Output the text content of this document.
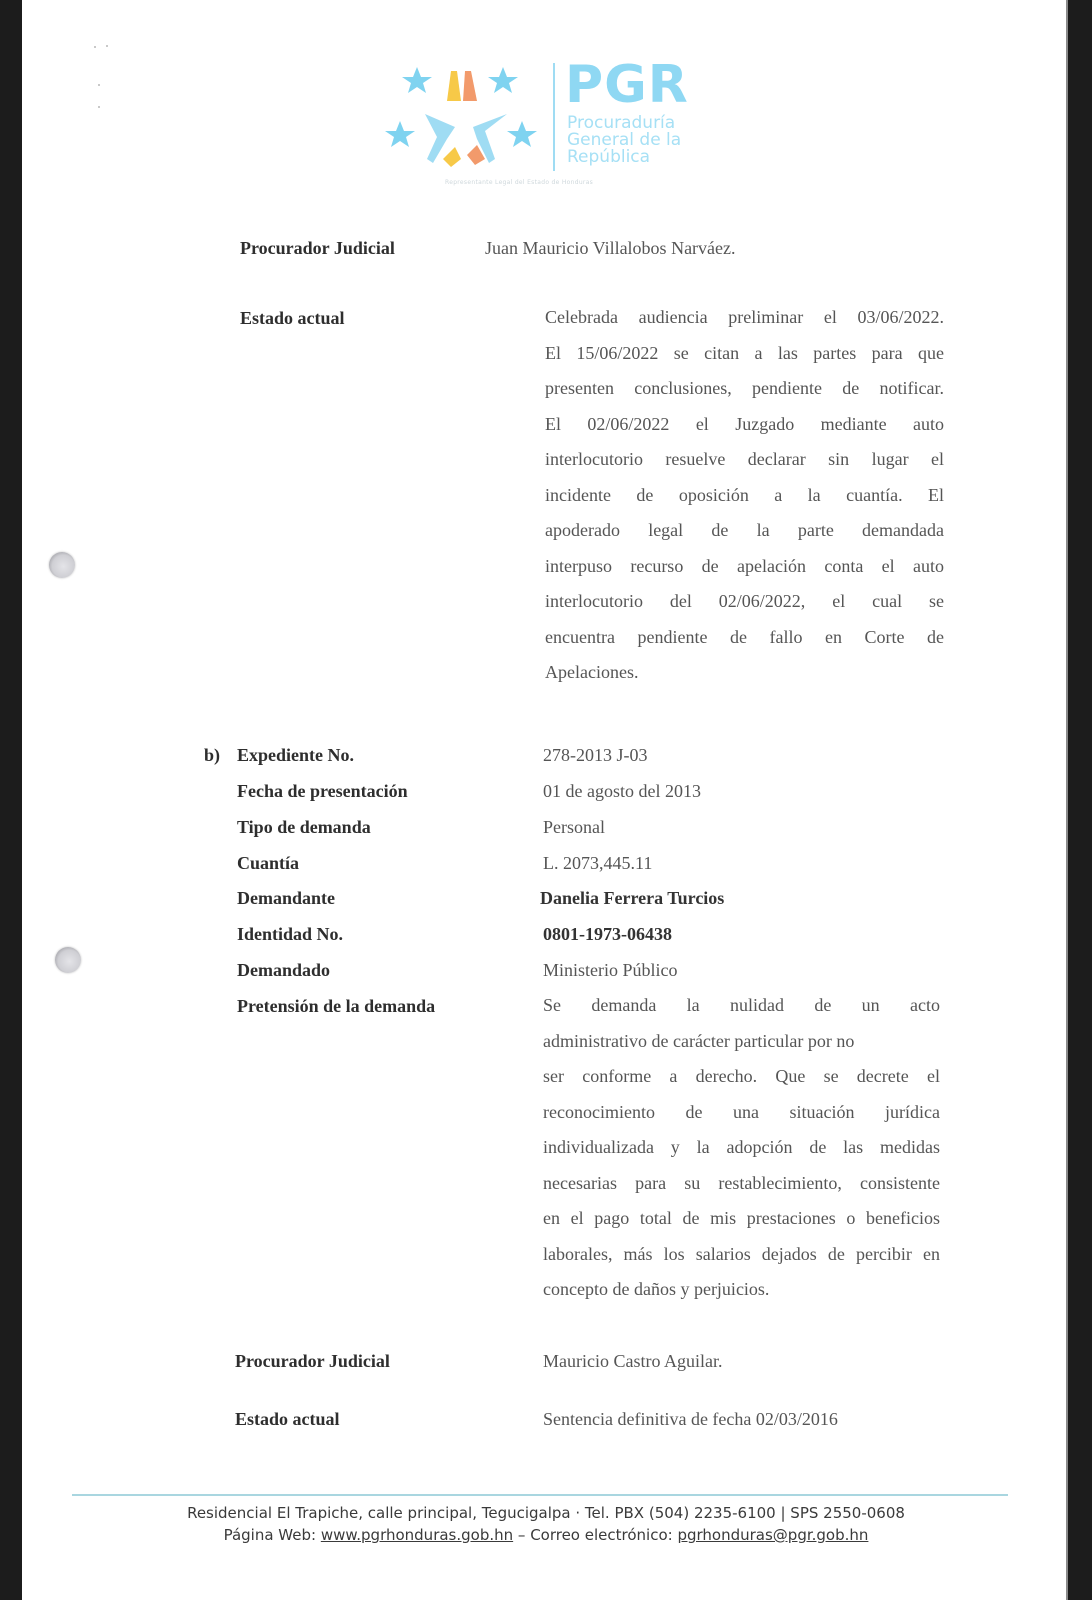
PGR
Procuraduría
General de la
República
Representante Legal del Estado de Honduras
Procurador Judicial	Juan Mauricio Villalobos Narváez.
Estado actual	Celebrada audiencia preliminar el 03/06/2022.
El 15/06/2022 se citan a las partes para que
presenten conclusiones, pendiente de notificar.
El 02/06/2022 el Juzgado mediante auto
interlocutorio resuelve declarar sin lugar el
incidente de oposición a la cuantía. El
apoderado legal de la parte demandada
interpuso recurso de apelación conta el auto
interlocutorio del 02/06/2022, el cual se
encuentra pendiente de fallo en Corte de
Apelaciones.
b) Expediente No.	278-2013 J-03
Fecha de presentación	01 de agosto del 2013
Tipo de demanda	Personal
Cuantía	L. 2073,445.11
Demandante	Danelia Ferrera Turcios
Identidad No.	0801-1973-06438
Demandado	Ministerio Público
Pretensión de la demanda	Se demanda la nulidad de un acto
administrativo de carácter particular por no
ser conforme a derecho. Que se decrete el
reconocimiento de una situación jurídica
individualizada y la adopción de las medidas
necesarias para su restablecimiento, consistente
en el pago total de mis prestaciones o beneficios
laborales, más los salarios dejados de percibir en
concepto de daños y perjuicios.
Procurador Judicial	Mauricio Castro Aguilar.
Estado actual	Sentencia definitiva de fecha 02/03/2016
Residencial El Trapiche, calle principal, Tegucigalpa · Tel. PBX (504) 2235-6100 | SPS 2550-0608
Página Web: www.pgrhonduras.gob.hn – Correo electrónico: pgrhonduras@pgr.gob.hn
